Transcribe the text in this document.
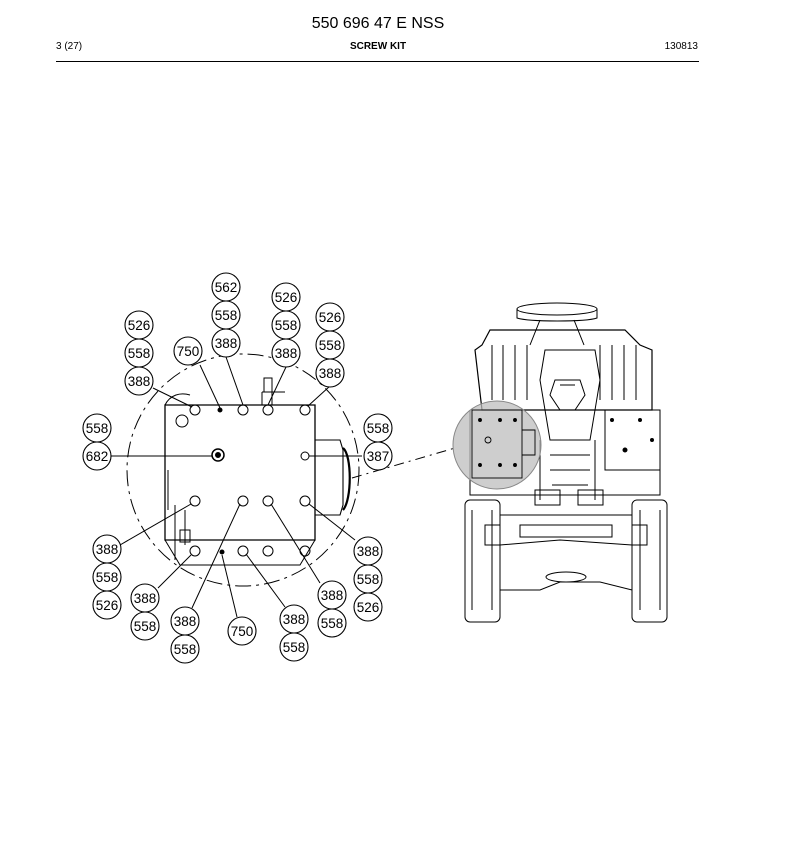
550 696 47 E NSS
3 (27)	SCREW KIT	130813
562
558
388
526
558
388
526
558
388
526
558
388
750
558
682
558
387
388
558
526 388
558 388
558
750
388
558
388
558
388
558
526
